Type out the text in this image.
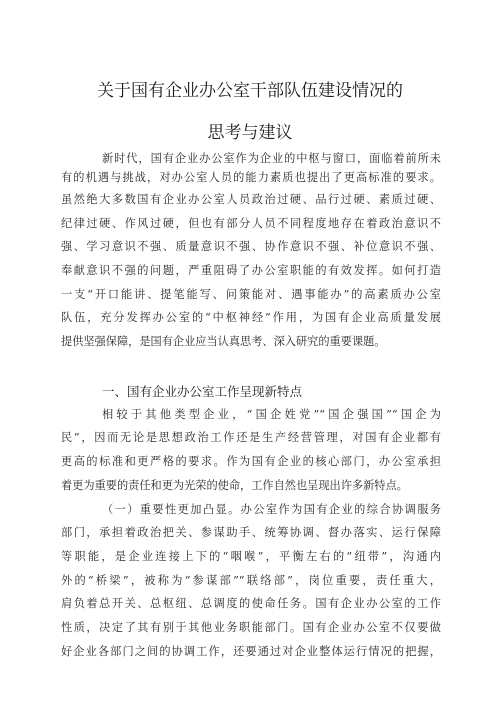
关于国有企业办公室干部队伍建设情况的
思考与建议
新时代，国有企业办公室作为企业的中枢与窗口，面临着前所未
有的机遇与挑战，对办公室人员的能力素质也提出了更高标准的要求。
虽然绝大多数国有企业办公室人员政治过硬、品行过硬、素质过硬、
纪律过硬、作风过硬，但也有部分人员不同程度地存在着政治意识不
强、学习意识不强、质量意识不强、协作意识不强、补位意识不强、
奉献意识不强的问题，严重阻碍了办公室职能的有效发挥。如何打造
一支“开口能讲、提笔能写、问策能对、遇事能办”的高素质办公室
队伍，充分发挥办公室的“中枢神经”作用，为国有企业高质量发展
提供坚强保障，是国有企业应当认真思考、深入研究的重要课题。
一、国有企业办公室工作呈现新特点
相较于其他类型企业，“国企姓党”“国企强国”“国企为
民”，因而无论是思想政治工作还是生产经营管理，对国有企业都有
更高的标准和更严格的要求。作为国有企业的核心部门，办公室承担
着更为重要的责任和更为光荣的使命，工作自然也呈现出许多新特点。
（一）重要性更加凸显。办公室作为国有企业的综合协调服务
部门，承担着政治把关、参谋助手、统筹协调、督办落实、运行保障
等职能，是企业连接上下的“咽喉”，平衡左右的“纽带”，沟通内
外的“桥梁”，被称为“参谋部”“联络部”，岗位重要，责任重大，
肩负着总开关、总枢纽、总调度的使命任务。国有企业办公室的工作
性质，决定了其有别于其他业务职能部门。国有企业办公室不仅要做
好企业各部门之间的协调工作，还要通过对企业整体运行情况的把握，
